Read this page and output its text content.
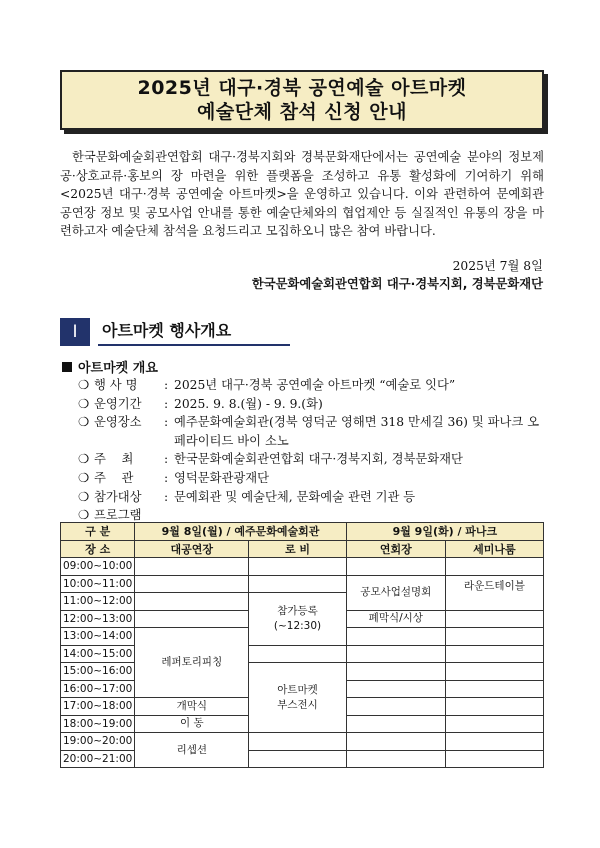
2025년 대구·경북 공연예술 아트마켓
예술단체 참석 신청 안내
한국문화예술회관연합회 대구·경북지회와 경북문화재단에서는 공연예술 분야의 정보제공·상호교류·홍보의 장 마련을 위한 플랫폼을 조성하고 유통 활성화에 기여하기 위해 <2025년 대구·경북 공연예술 아트마켓>을 운영하고 있습니다. 이와 관련하여 문예회관 공연장 정보 및 공모사업 안내를 통한 예술단체와의 협업제안 등 실질적인 유통의 장을 마련하고자 예술단체 참석을 요청드리고 모집하오니 많은 참여 바랍니다.
2025년 7월 8일
한국문화예술회관연합회 대구·경북지회, 경북문화재단
Ⅰ	아트마켓 행사개요
아트마켓 개요
❍ 행 사 명	: 2025년 대구·경북 공연예술 아트마켓 “예술로 잇다”
❍ 운영기간	: 2025. 9. 8.(월) - 9. 9.(화)
❍ 운영장소	: 예주문화예술회관(경북 영덕군 영해면 318 만세길 36) 및 파나크 오페라이티드 바이 소노
❍ 주    최	: 한국문화예술회관연합회 대구·경북지회, 경북문화재단
❍ 주    관	: 영덕문화관광재단
❍ 참가대상	: 문예회관 및 예술단체, 문화예술 관련 기관 등
❍ 프로그램
구 분	9월 8일(월) / 예주문화예술회관		9월 9일(화) / 파나크	
장 소	대공연장	로 비	연회장	세미나룸
09:00~10:00				
10:00~11:00			공모사업설명회	라운드테이블
11:00~12:00		참가등록
(~12:30)		

12:00~13:00			폐막식/시상	
13:00~14:00	레퍼토리피칭			
14:00~15:00				
15:00~16:00		아트마켓
부스전시		

16:00~17:00				
17:00~18:00	개막식			
18:00~19:00	이 동			
19:00~20:00	리셉션			
20:00~21:00				
